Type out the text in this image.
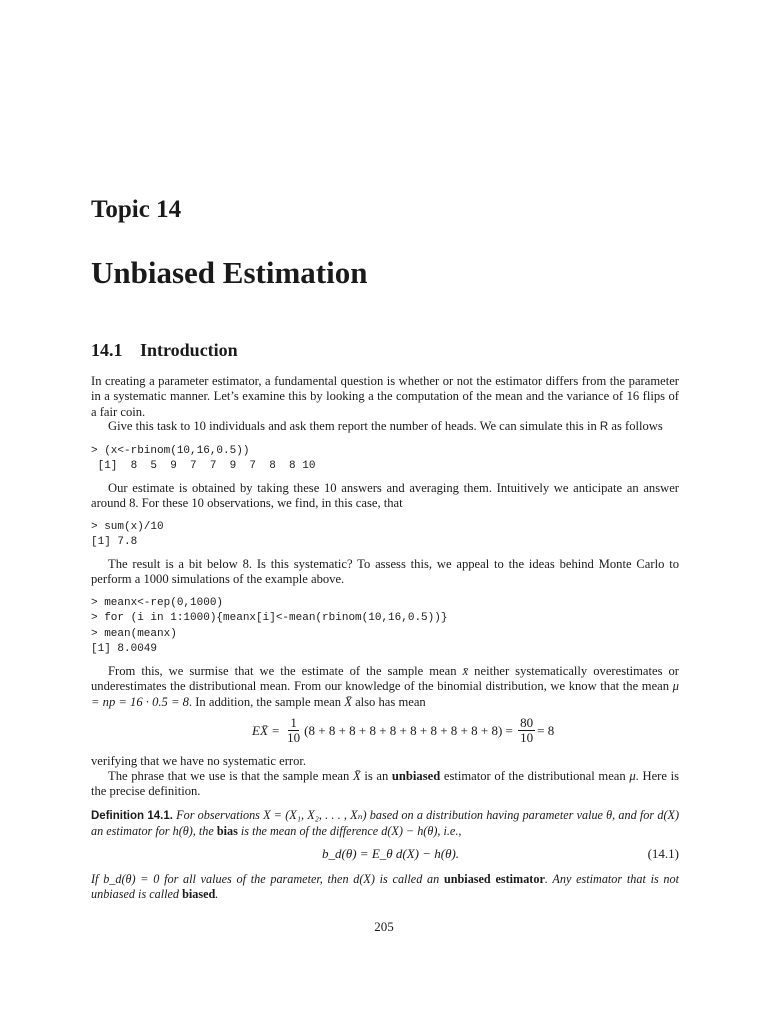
Topic 14
Unbiased Estimation
14.1 Introduction

In creating a parameter estimator, a fundamental question is whether or not the estimator differs from the parameter in a systematic manner. Let’s examine this by looking a the computation of the mean and the variance of 16 flips of a fair coin.

Give this task to 10 individuals and ask them report the number of heads. We can simulate this in R as follows

> (x<-rbinom(10,16,0.5))
[1]  8  5  9  7  7  9  7  8  8 10

Our estimate is obtained by taking these 10 answers and averaging them. Intuitively we anticipate an answer around 8. For these 10 observations, we find, in this case, that

> sum(x)/10
[1] 7.8

The result is a bit below 8. Is this systematic? To assess this, we appeal to the ideas behind Monte Carlo to perform a 1000 simulations of the example above.

> meanx<-rep(0,1000)
> for (i in 1:1000){meanx[i]<-mean(rbinom(10,16,0.5))}
> mean(meanx)
[1] 8.0049

From this, we surmise that we the estimate of the sample mean x̄ neither systematically overestimates or underestimates the distributional mean. From our knowledge of the binomial distribution, we know that the mean μ = np = 16 · 0.5 = 8. In addition, the sample mean X̄ also has mean

EX̄ =
$\frac{1}{10} (8 + 8 + 8 + 8 + 8 + 8 + 8 + 8 + 8 + 8)$ =
$\frac{80}{10} = 8$

verifying that we have no systematic error.

The phrase that we use is that the sample mean X̄ is an unbiased estimator of the distributional mean μ. Here is the precise definition.

Definition 14.1. For observations X = (X₁, X₂, . . . , Xₙ) based on a distribution having parameter value θ, and for d(X) an estimator for h(θ), the bias is the mean of the difference d(X) − h(θ), i.e.,

b_d(θ) = E_θ d(X) − h(θ).	(14.1)

If b_d(θ) = 0 for all values of the parameter, then d(X) is called an unbiased estimator. Any estimator that is not unbiased is called biased.

205
